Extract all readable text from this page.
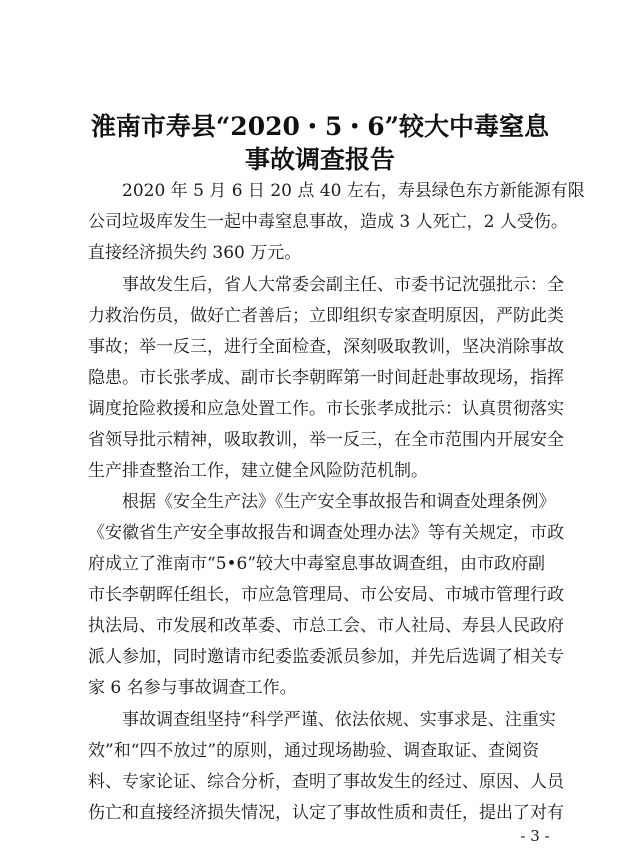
淮南市寿县“2020・5・6”较大中毒窒息
事故调查报告
2020 年 5 月 6 日 20 点 40 左右，寿县绿色东方新能源有限
公司垃圾库发生一起中毒窒息事故，造成 3 人死亡，2 人受伤。
直接经济损失约 360 万元。
事故发生后，省人大常委会副主任、市委书记沈强批示：全
力救治伤员，做好亡者善后；立即组织专家查明原因，严防此类
事故；举一反三，进行全面检查，深刻吸取教训，坚决消除事故
隐患。市长张孝成、副市长李朝晖第一时间赶赴事故现场，指挥
调度抢险救援和应急处置工作。市长张孝成批示：认真贯彻落实
省领导批示精神，吸取教训，举一反三，在全市范围内开展安全
生产排查整治工作，建立健全风险防范机制。
根据《安全生产法》《生产安全事故报告和调查处理条例》
《安徽省生产安全事故报告和调查处理办法》等有关规定，市政
府成立了淮南市“5•6”较大中毒窒息事故调查组，由市政府副
市长李朝晖任组长，市应急管理局、市公安局、市城市管理行政
执法局、市发展和改革委、市总工会、市人社局、寿县人民政府
派人参加，同时邀请市纪委监委派员参加，并先后选调了相关专
家 6 名参与事故调查工作。
事故调查组坚持“科学严谨、依法依规、实事求是、注重实
效”和“四不放过”的原则，通过现场勘验、调查取证、查阅资
料、专家论证、综合分析，查明了事故发生的经过、原因、人员
伤亡和直接经济损失情况，认定了事故性质和责任，提出了对有
- 3 -
